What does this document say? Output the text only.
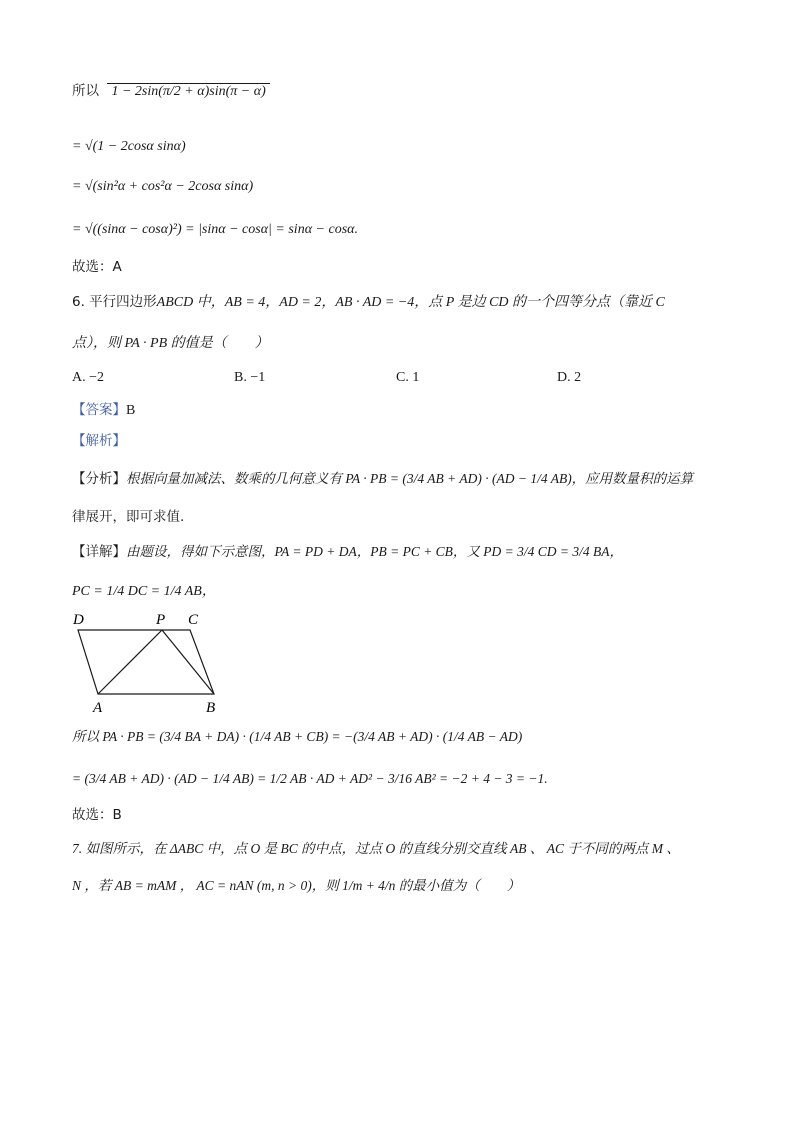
所以 1 − 2sin(π/2 + α)sin(π − α)
= √(1 − 2cosα sinα)
= √(sin²α + cos²α − 2cosα sinα)
= √((sinα − cosα)²) = |sinα − cosα| = sinα − cosα.
故选：A
6. 平行四边形ABCD 中，AB = 4，AD = 2，AB · AD = −4，点 P 是边 CD 的一个四等分点（靠近 C
点），则 PA · PB 的值是（　　）
A. −2	B. −1	C. 1	D. 2
【答案】B
【解析】
【分析】根据向量加减法、数乘的几何意义有 PA · PB = (3/4 AB + AD) · (AD − 1/4 AB)，应用数量积的运算
律展开，即可求值.
【详解】由题设，得如下示意图，PA = PD + DA，PB = PC + CB，又 PD = 3/4 CD = 3/4 BA，
PC = 1/4 DC = 1/4 AB，
D	P C
A	B
所以 PA · PB = (3/4 BA + DA) · (1/4 AB + CB) = −(3/4 AB + AD) · (1/4 AB − AD)
= (3/4 AB + AD) · (AD − 1/4 AB) = 1/2 AB · AD + AD² − 3/16 AB² = −2 + 4 − 3 = −1.
故选：B
7. 如图所示，在 ΔABC 中，点 O 是 BC 的中点，过点 O 的直线分别交直线 AB 、 AC 于不同的两点 M 、
N ，若 AB = mAM ， AC = nAN (m, n > 0)，则 1/m + 4/n 的最小值为（　　）
